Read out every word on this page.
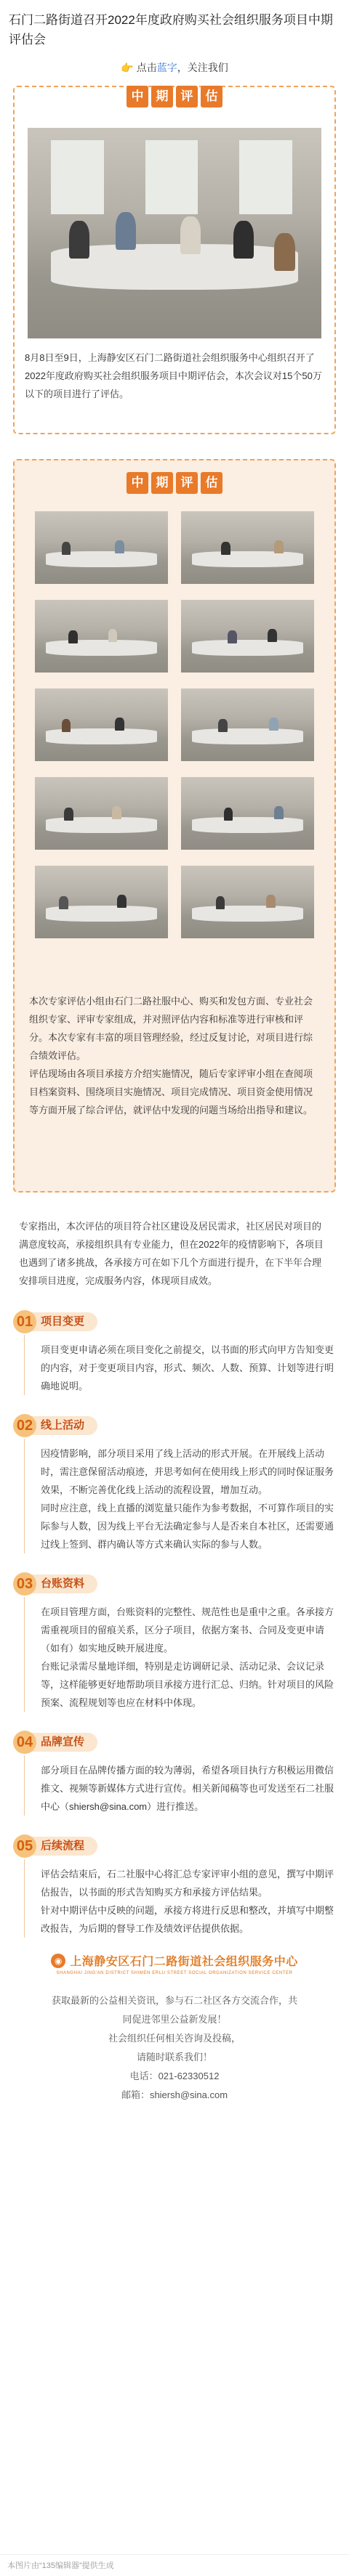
石门二路街道召开2022年度政府购买社会组织服务项目中期评估会
👉 点击蓝字，关注我们
中	期	评	估

8月8日至9日，上海静安区石门二路街道社会组织服务中心组织召开了2022年度政府购买社会组织服务项目中期评估会，本次会议对15个50万以下的项目进行了评估。

中	期	评	估

本次专家评估小组由石门二路社服中心、购买和发包方面、专业社会组织专家、评审专家组成，并对照评估内容和标准等进行审核和评分。本次专家有丰富的项目管理经验，经过反复讨论，对项目进行综合绩效评估。

评估现场由各项目承接方介绍实施情况，随后专家评审小组在查阅项目档案资料、围绕项目实施情况、项目完成情况、项目资金使用情况等方面开展了综合评估，就评估中发现的问题当场给出指导和建议。

专家指出，本次评估的项目符合社区建设及居民需求，社区居民对项目的满意度较高，承接组织具有专业能力，但在2022年的疫情影响下，各项目也遇到了诸多挑战，各承接方可在如下几个方面进行提升，在下半年合理安排项目进度，完成服务内容，体现项目成效。

01 项目变更

项目变更申请必须在项目变化之前提交，以书面的形式向甲方告知变更的内容，对于变更项目内容，形式、频次、人数、预算、计划等进行明确地说明。

02 线上活动

因疫情影响，部分项目采用了线上活动的形式开展。在开展线上活动时，需注意保留活动痕迹，并思考如何在使用线上形式的同时保证服务效果，不断完善优化线上活动的流程设置，增加互动。

同时应注意，线上直播的浏览量只能作为参考数据，不可算作项目的实际参与人数，因为线上平台无法确定参与人是否来自本社区，还需要通过线上签到、群内确认等方式来确认实际的参与人数。

03 台账资料

在项目管理方面，台账资料的完整性、规范性也是重中之重。各承接方需重视项目的留痕关系，区分子项目，依据方案书、合同及变更申请（如有）如实地反映开展进度。

台账记录需尽量地详细，特别是走访调研记录、活动记录、会议记录等，这样能够更好地帮助项目承接方进行汇总、归纳。针对项目的风险预案、流程规划等也应在材料中体现。

04 品牌宣传

部分项目在品牌传播方面的较为薄弱，希望各项目执行方积极运用微信推文、视频等新媒体方式进行宣传。相关新闻稿等也可发送至石二社服中心（shiersh@sina.com）进行推送。

05 后续流程

评估会结束后，石二社服中心将汇总专家评审小组的意见，撰写中期评估报告，以书面的形式告知购买方和承接方评估结果。

针对中期评估中反映的问题，承接方将进行反思和整改，并填写中期整改报告，为后期的督导工作及绩效评估提供依据。

◉ 上海静安区石门二路街道社会组织服务中心
SHANGHAI JING'AN DISTRICT SHIMEN ERLU STREET SOCIAL ORGANIZATION SERVICE CENTER
获取最新的公益相关资讯，参与石二社区各方交流合作，共
同促进邻里公益新发展！
社会组织任何相关咨询及投稿，
请随时联系我们！
电话：021-62330512
邮箱：shiersh@sina.com
本图片由“135编辑器”提供生成
